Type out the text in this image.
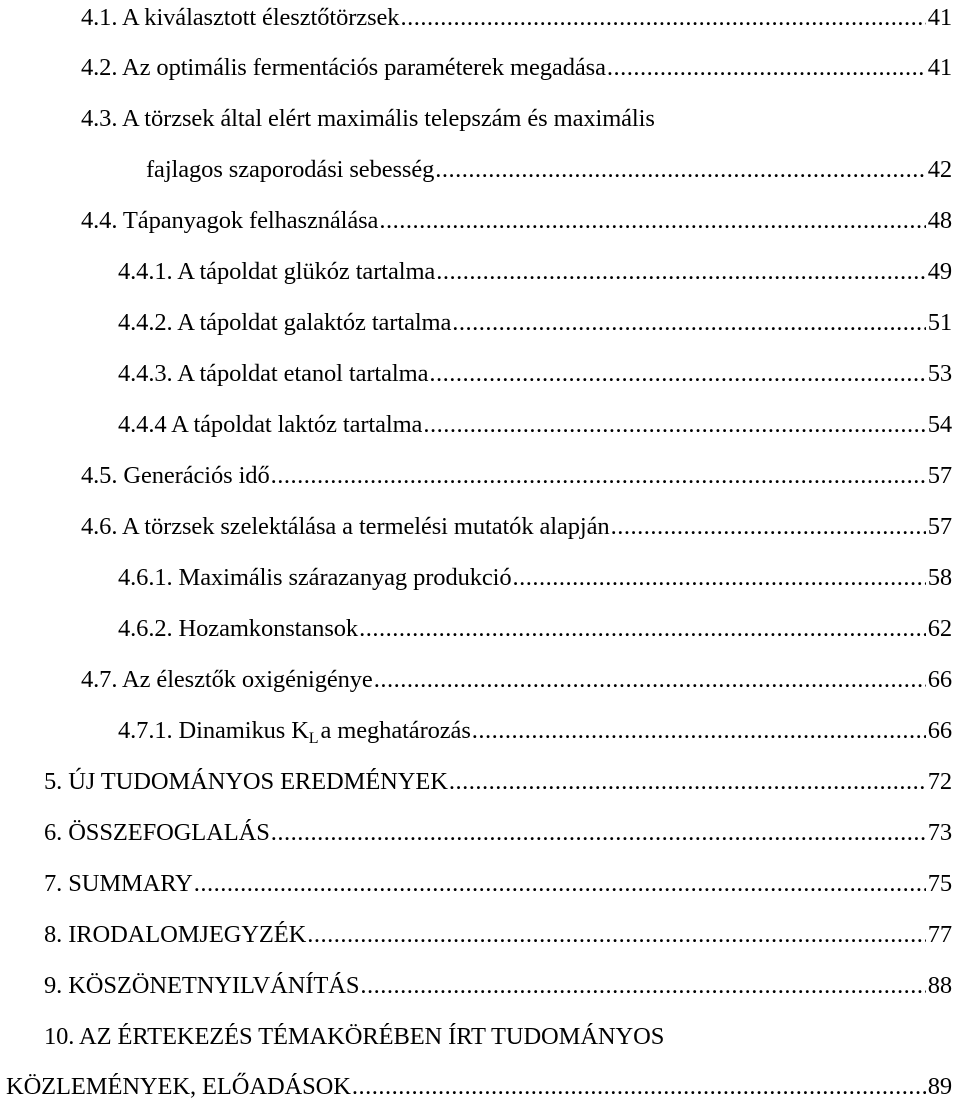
4.1. A kiválasztott élesztőtörzsek .....	41
4.2. Az optimális fermentációs paraméterek megadása .....	41
4.3. A törzsek által elért maximális telepszám és maximális
fajlagos szaporodási sebesség .....	42
4.4. Tápanyagok felhasználása .....	48
4.4.1. A tápoldat glükóz tartalma .....	49
4.4.2. A tápoldat galaktóz tartalma .....	51
4.4.3. A tápoldat etanol tartalma .....	53
4.4.4 A tápoldat laktóz tartalma .....	54
4.5. Generációs idő .....	57
4.6. A törzsek szelektálása a termelési mutatók alapján .....	57
4.6.1. Maximális szárazanyag produkció .....	58
4.6.2. Hozamkonstansok .....	62
4.7. Az élesztők oxigénigénye .....	66
4.7.1. Dinamikus $K_La$ meghatározás .....	66
5. ÚJ TUDOMÁNYOS EREDMÉNYEK .....	72
6. ÖSSZEFOGLALÁS .....	73
7. SUMMARY .....	75
8. IRODALOMJEGYZÉK .....	77
9. KÖSZÖNETNYILVÁNÍTÁS .....	88
10. AZ ÉRTEKEZÉS TÉMAKÖRÉBEN ÍRT TUDOMÁNYOS
KÖZLEMÉNYEK, ELŐADÁSOK .....	89
